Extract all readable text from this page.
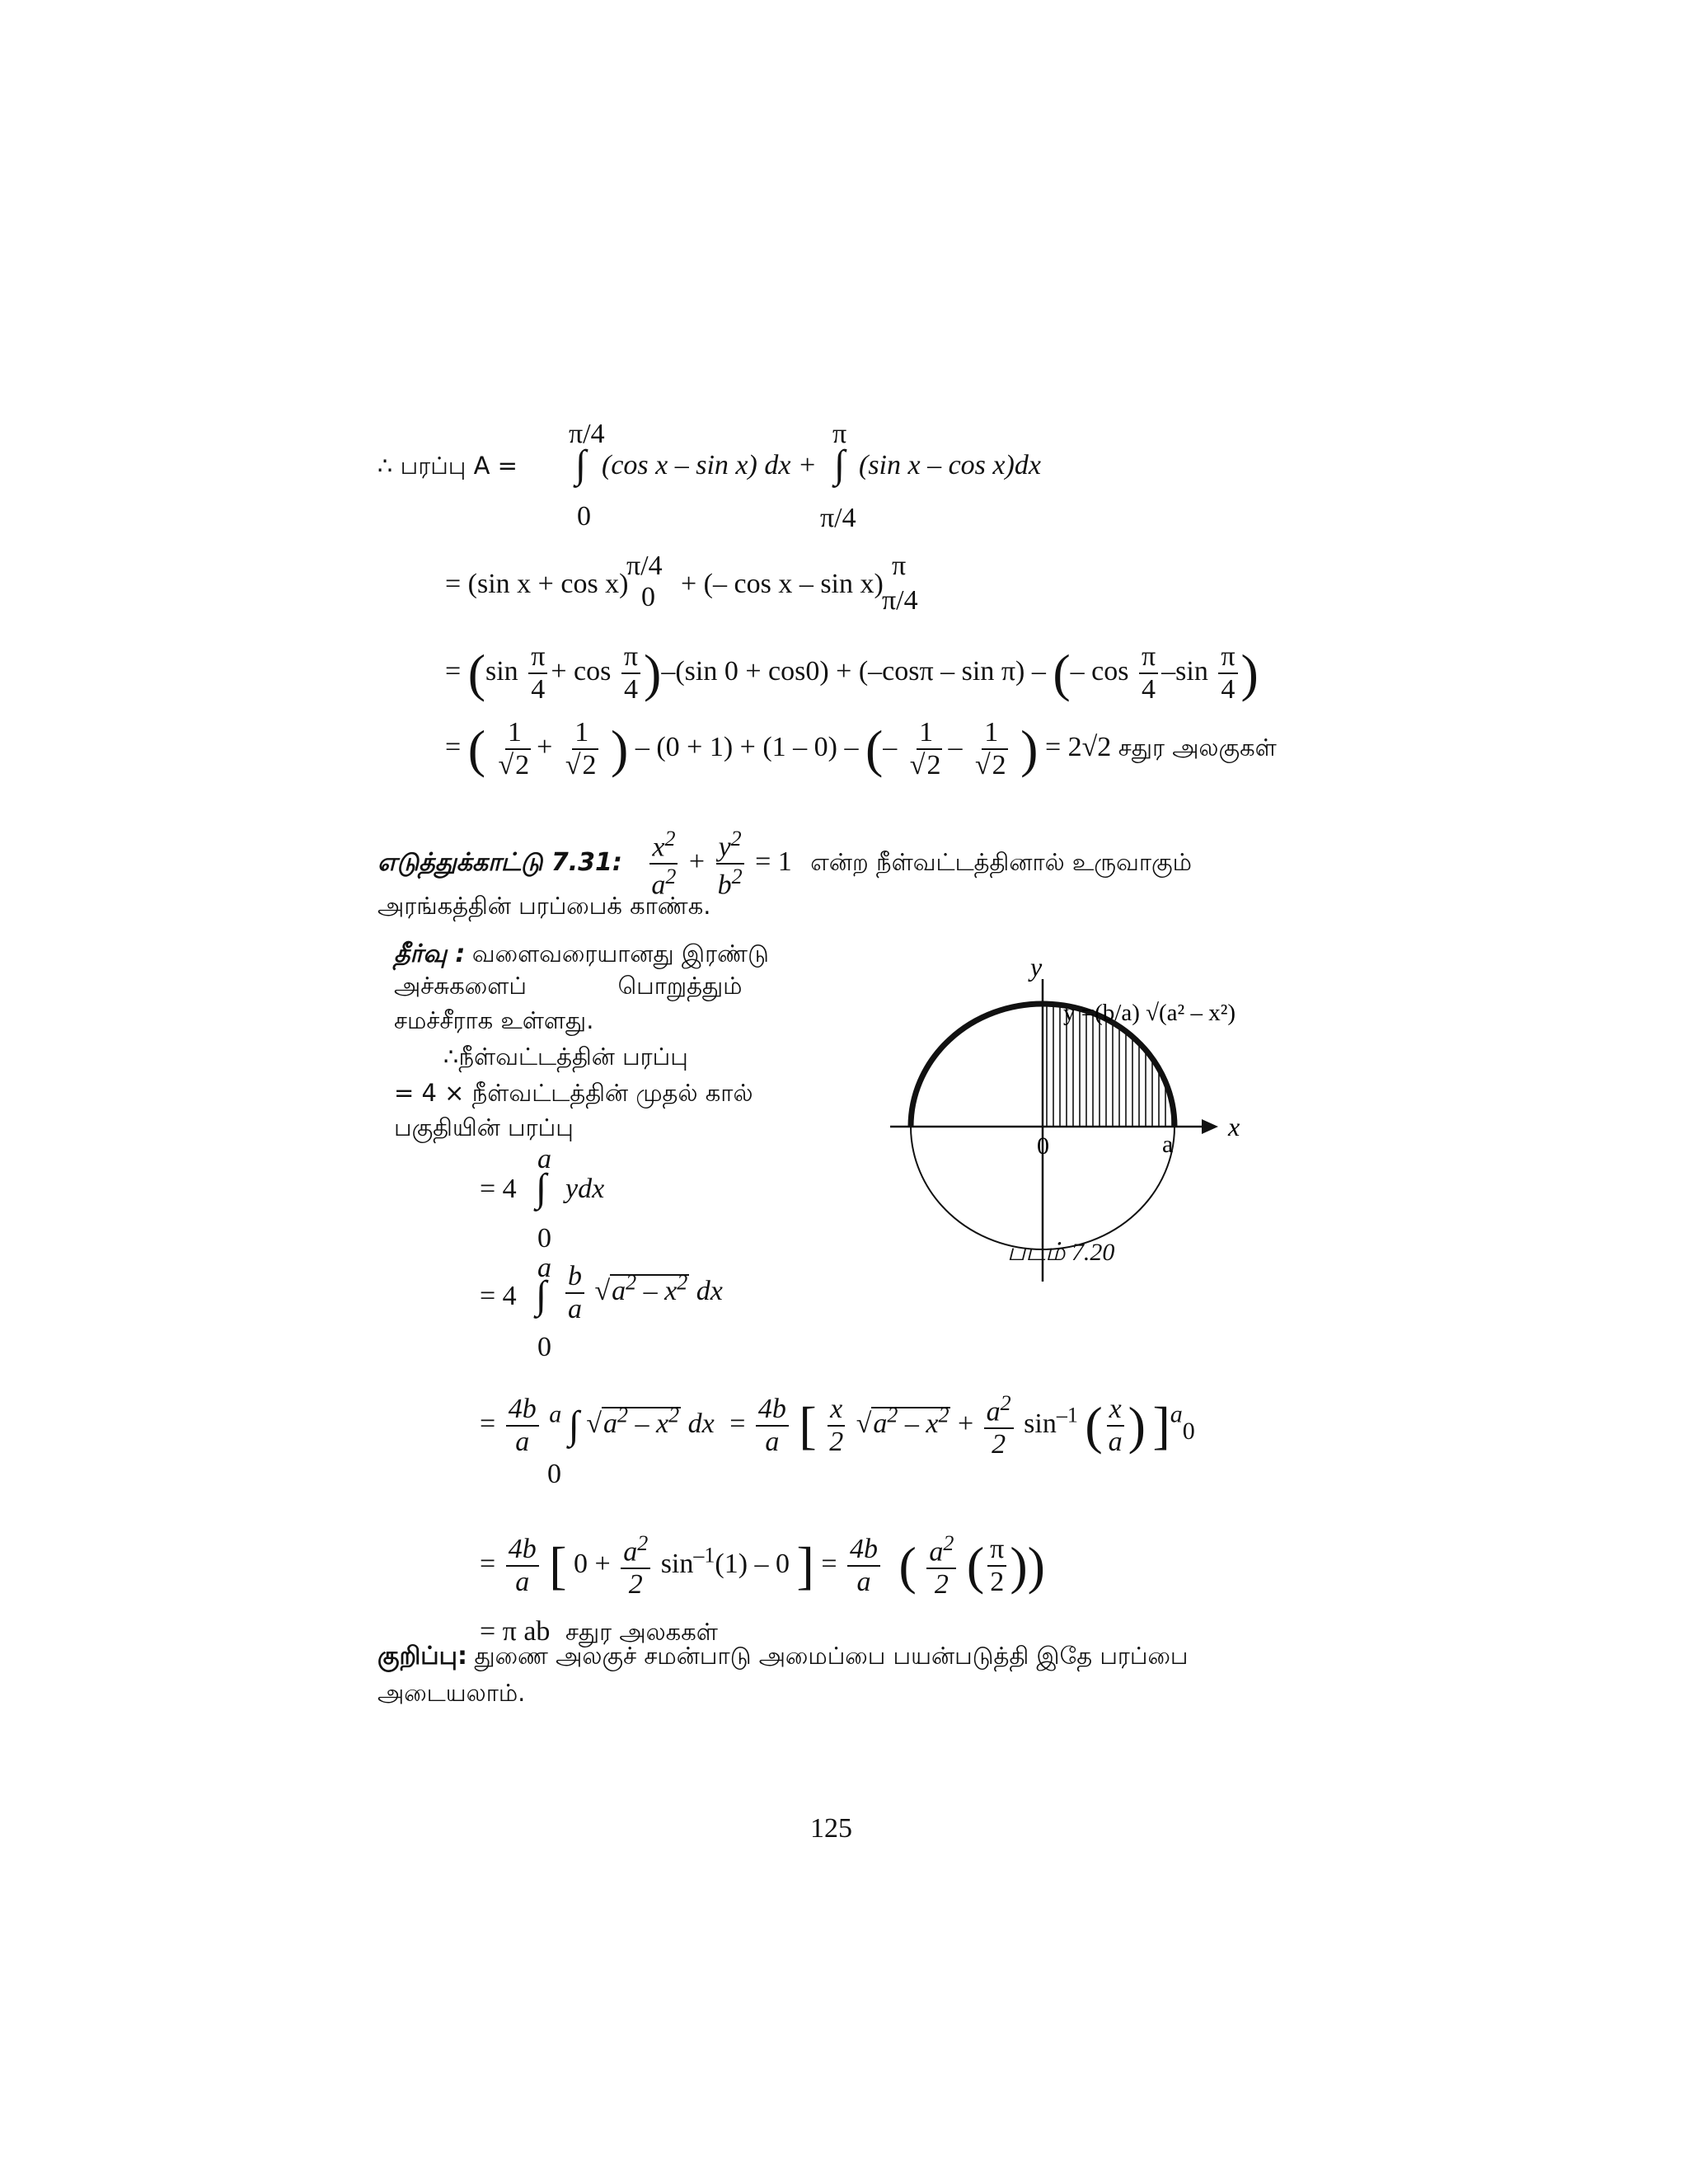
∴ பரப்பு A =
π/4
∫
0
(cos x – sin x) dx +
π
∫
π/4
(sin x – cos x)dx
= (sin x + cos x)
π/4
0 + (– cos x – sin x)
π
π/4
= $(\sin \frac{\pi}{4} + \cos \frac{\pi}{4} )-(\sin$ 0 + cos0) + (–cosπ – sin π) – (– $\cos \frac{\pi}{4} -\sin \frac{\pi}{4}$ )
= ( $\frac{1}{√2} + \frac{1}{√2}$ ) – (0 + 1) + (1 – 0) – (– $\frac{1}{√2} - \frac{1}{√2}$ ) = 2√2 சதுர அலகுகள்
எடுத்துக்காட்டு 7.31: $\frac{x^2}{a^2} + \frac{y^2}{b^2} = 1$ என்ற நீள்வட்டத்தினால் உருவாகும்
அரங்கத்தின் பரப்பைக் காண்க.
தீர்வு : வளைவரையானது இரண்டு
அச்சுகளைப்            பொறுத்தும்
சமச்சீராக உள்ளது.
∴நீள்வட்டத்தின் பரப்பு
= 4 × நீள்வட்டத்தின் முதல் கால்
பகுதியின் பரப்பு
a
= 4 ∫ ydx
0
a
= 4 ∫ $\frac{b}{a} √a^2 - x^2$ dx
0
= $\frac{4b}{a}$ a ∫ $√a^2 - x^2$ dx = $\frac{4b}{a}$ [ $\frac{x}{2} √a^2 - x^2 + \frac{a^2}{2} \sin^{-1}$ ( $\frac{x}{a}$ ) ]a0
0
= $\frac{4b}{a}$ [ $0 + \frac{a^2}{2} \sin^{-1}(1) - 0$ ] = $\frac{4b}{a}$ ( $\frac{a^2}{2}$ ( $\frac{\pi}{2}$ ))
= π ab சதுர அலககள்
y
x
0	a
y =(b/a) √(a² – x²)
படம் 7.20
குறிப்பு: துணை அலகுச் சமன்பாடு அமைப்பை பயன்படுத்தி இதே பரப்பை
அடையலாம்.
125
